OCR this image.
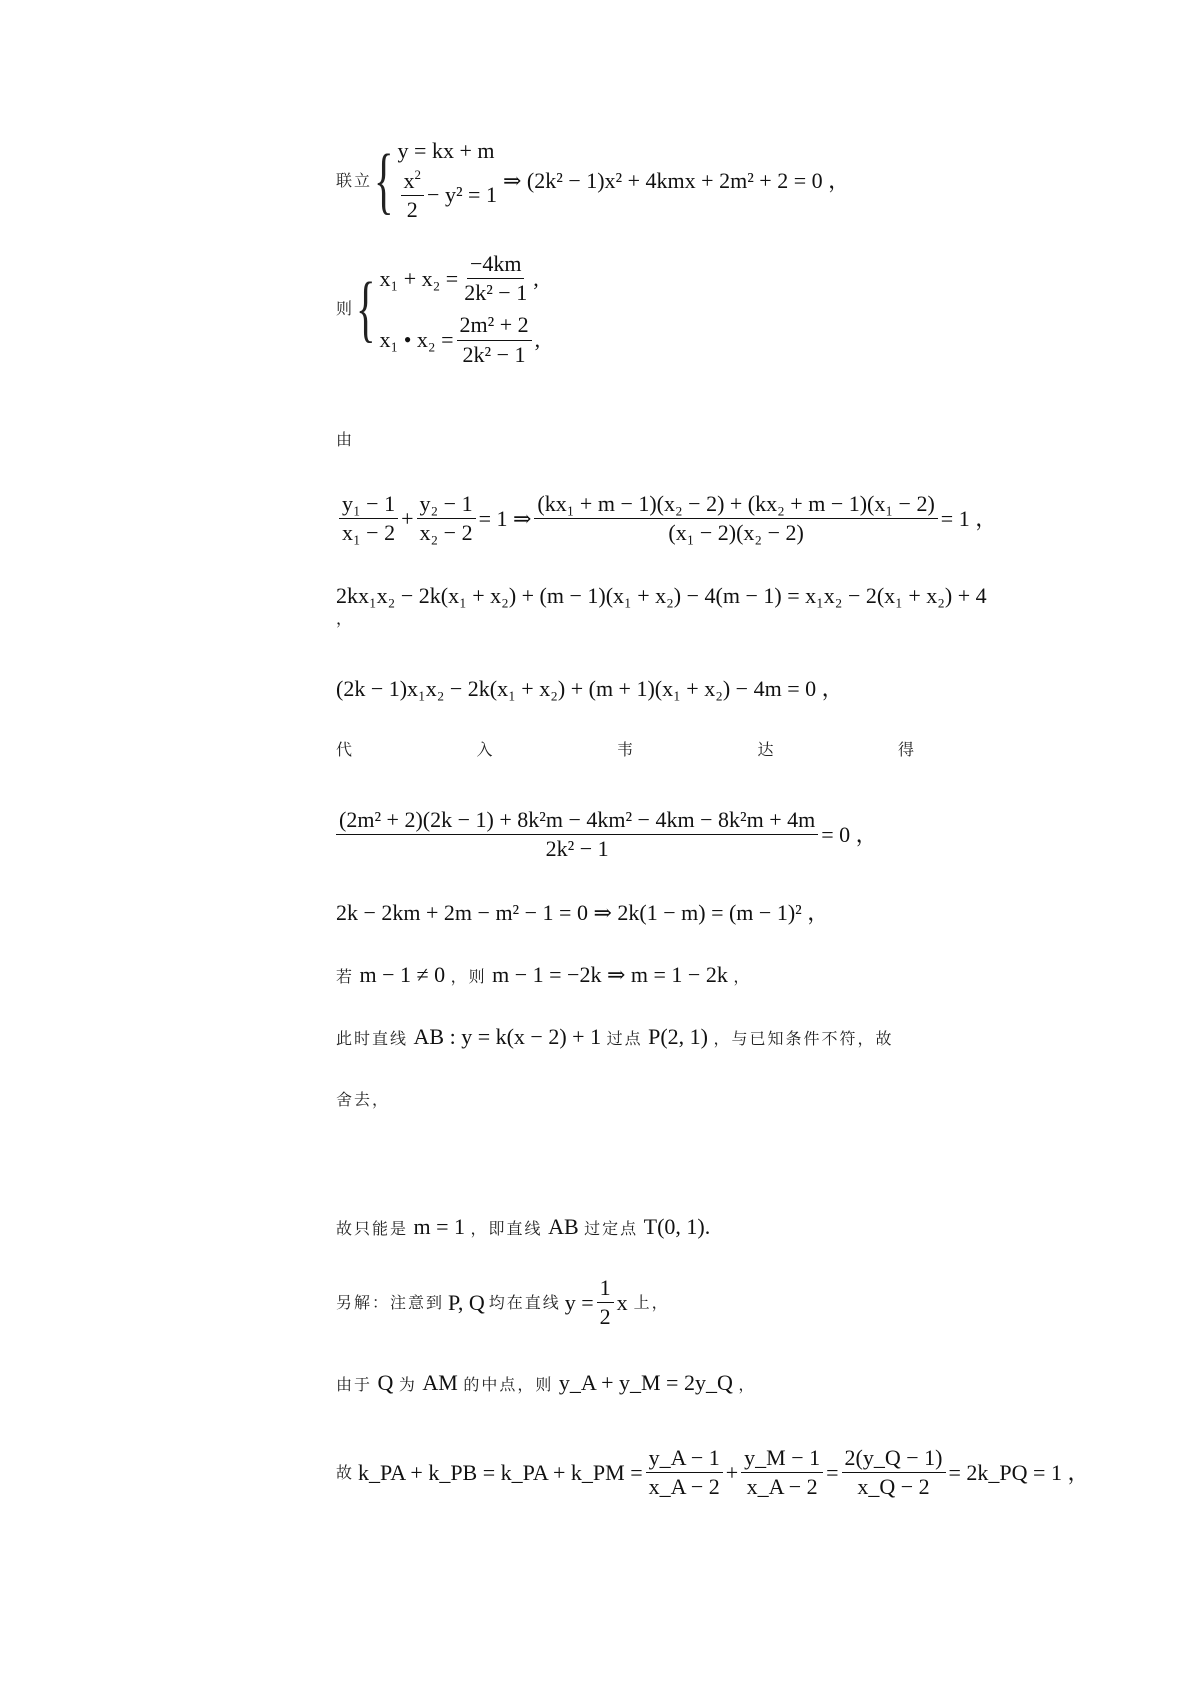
联立 { y = kx + m
$\frac{x^2}{2} - y^2 = 1$
⇒ (2k² − 1)x² + 4kmx + 2m² + 2 = 0 ，
则 { $x_1 + x_2 = \frac{-4km}{\text{2k² − 1}}$ ,
x₁ • $x_2 = \frac{\text{2m² + 2}}{\text{2k² − 1}}$ ,
由
$\frac{\text{y₁ − 1}}{\text{x₁ − 2}} + \frac{\text{y₂ − 1}}{\text{x₂ − 2}} = 1$ ⇒ $\frac{\text{(kx₁ + m − 1)(x₂ − 2) + (kx₂ + m − 1)(x₁ − 2)}}{\text{(x₁ − 2)(x₂ − 2)}} = 1$ ，
2kx₁x₂ − 2k(x₁ + x₂) + (m − 1)(x₁ + x₂) − 4(m − 1) = x₁x₂ − 2(x₁ + x₂) + 4
，
(2k − 1)x₁x₂ − 2k(x₁ + x₂) + (m + 1)(x₁ + x₂) − 4m = 0 ，
代	入	韦	达	得
$\frac{\text{(2m² + 2)(2k − 1) + 8k²m − 4km² − 4km − 8k²m + 4m}}{\text{2k² − 1}} = 0$ ，
2k − 2km + 2m − m² − 1 = 0 ⇒ 2k(1 − m) = (m − 1)² ，
若 m − 1 ≠ 0 ，则 m − 1 = −2k ⇒ m = 1 − 2k ，
此时直线 AB : y = k(x − 2) + 1 过点 P(2, 1) ，与已知条件不符，故
舍去，
故只能是 m = 1 ，即直线 AB 过定点 T(0, 1).
另解：注意到 P, Q 均在直线 $y = \frac{1}{2}$ x 上，
由于 Q 为 AM 的中点，则 y_A + y_M = 2y_Q ，
故 k_PA + k_PB = k_PA + k_PM = $\frac{y\_A - 1}{x\_A - 2} + \frac{y\_M - 1}{x\_A - 2} = \frac{2(y\_Q - 1)}{x\_Q - 2}$ = 2k_PQ = 1 ，
